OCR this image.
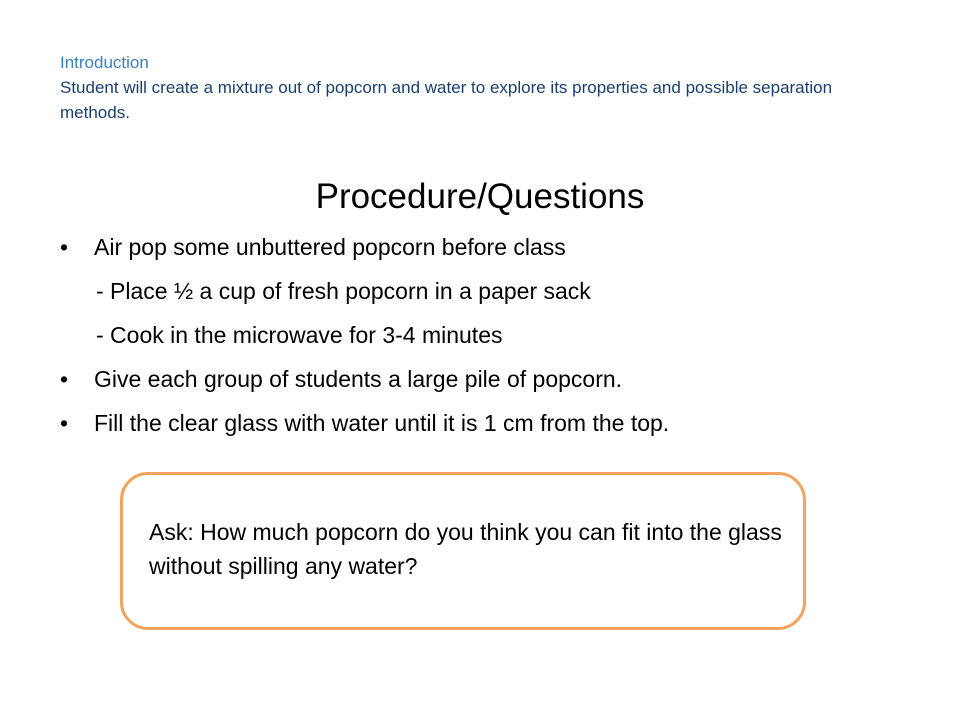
Introduction
Student will create a mixture out of popcorn and water to explore its properties and possible separation methods.
Procedure/Questions
•	Air pop some unbuttered popcorn before class
- Place ½ a cup of fresh popcorn in a paper sack
- Cook in the microwave for 3-4 minutes
•	Give each group of students a large pile of popcorn.
•	Fill the clear glass with water until it is 1 cm from the top.
Ask: How much popcorn do you think you can fit into the glass without spilling any water?
